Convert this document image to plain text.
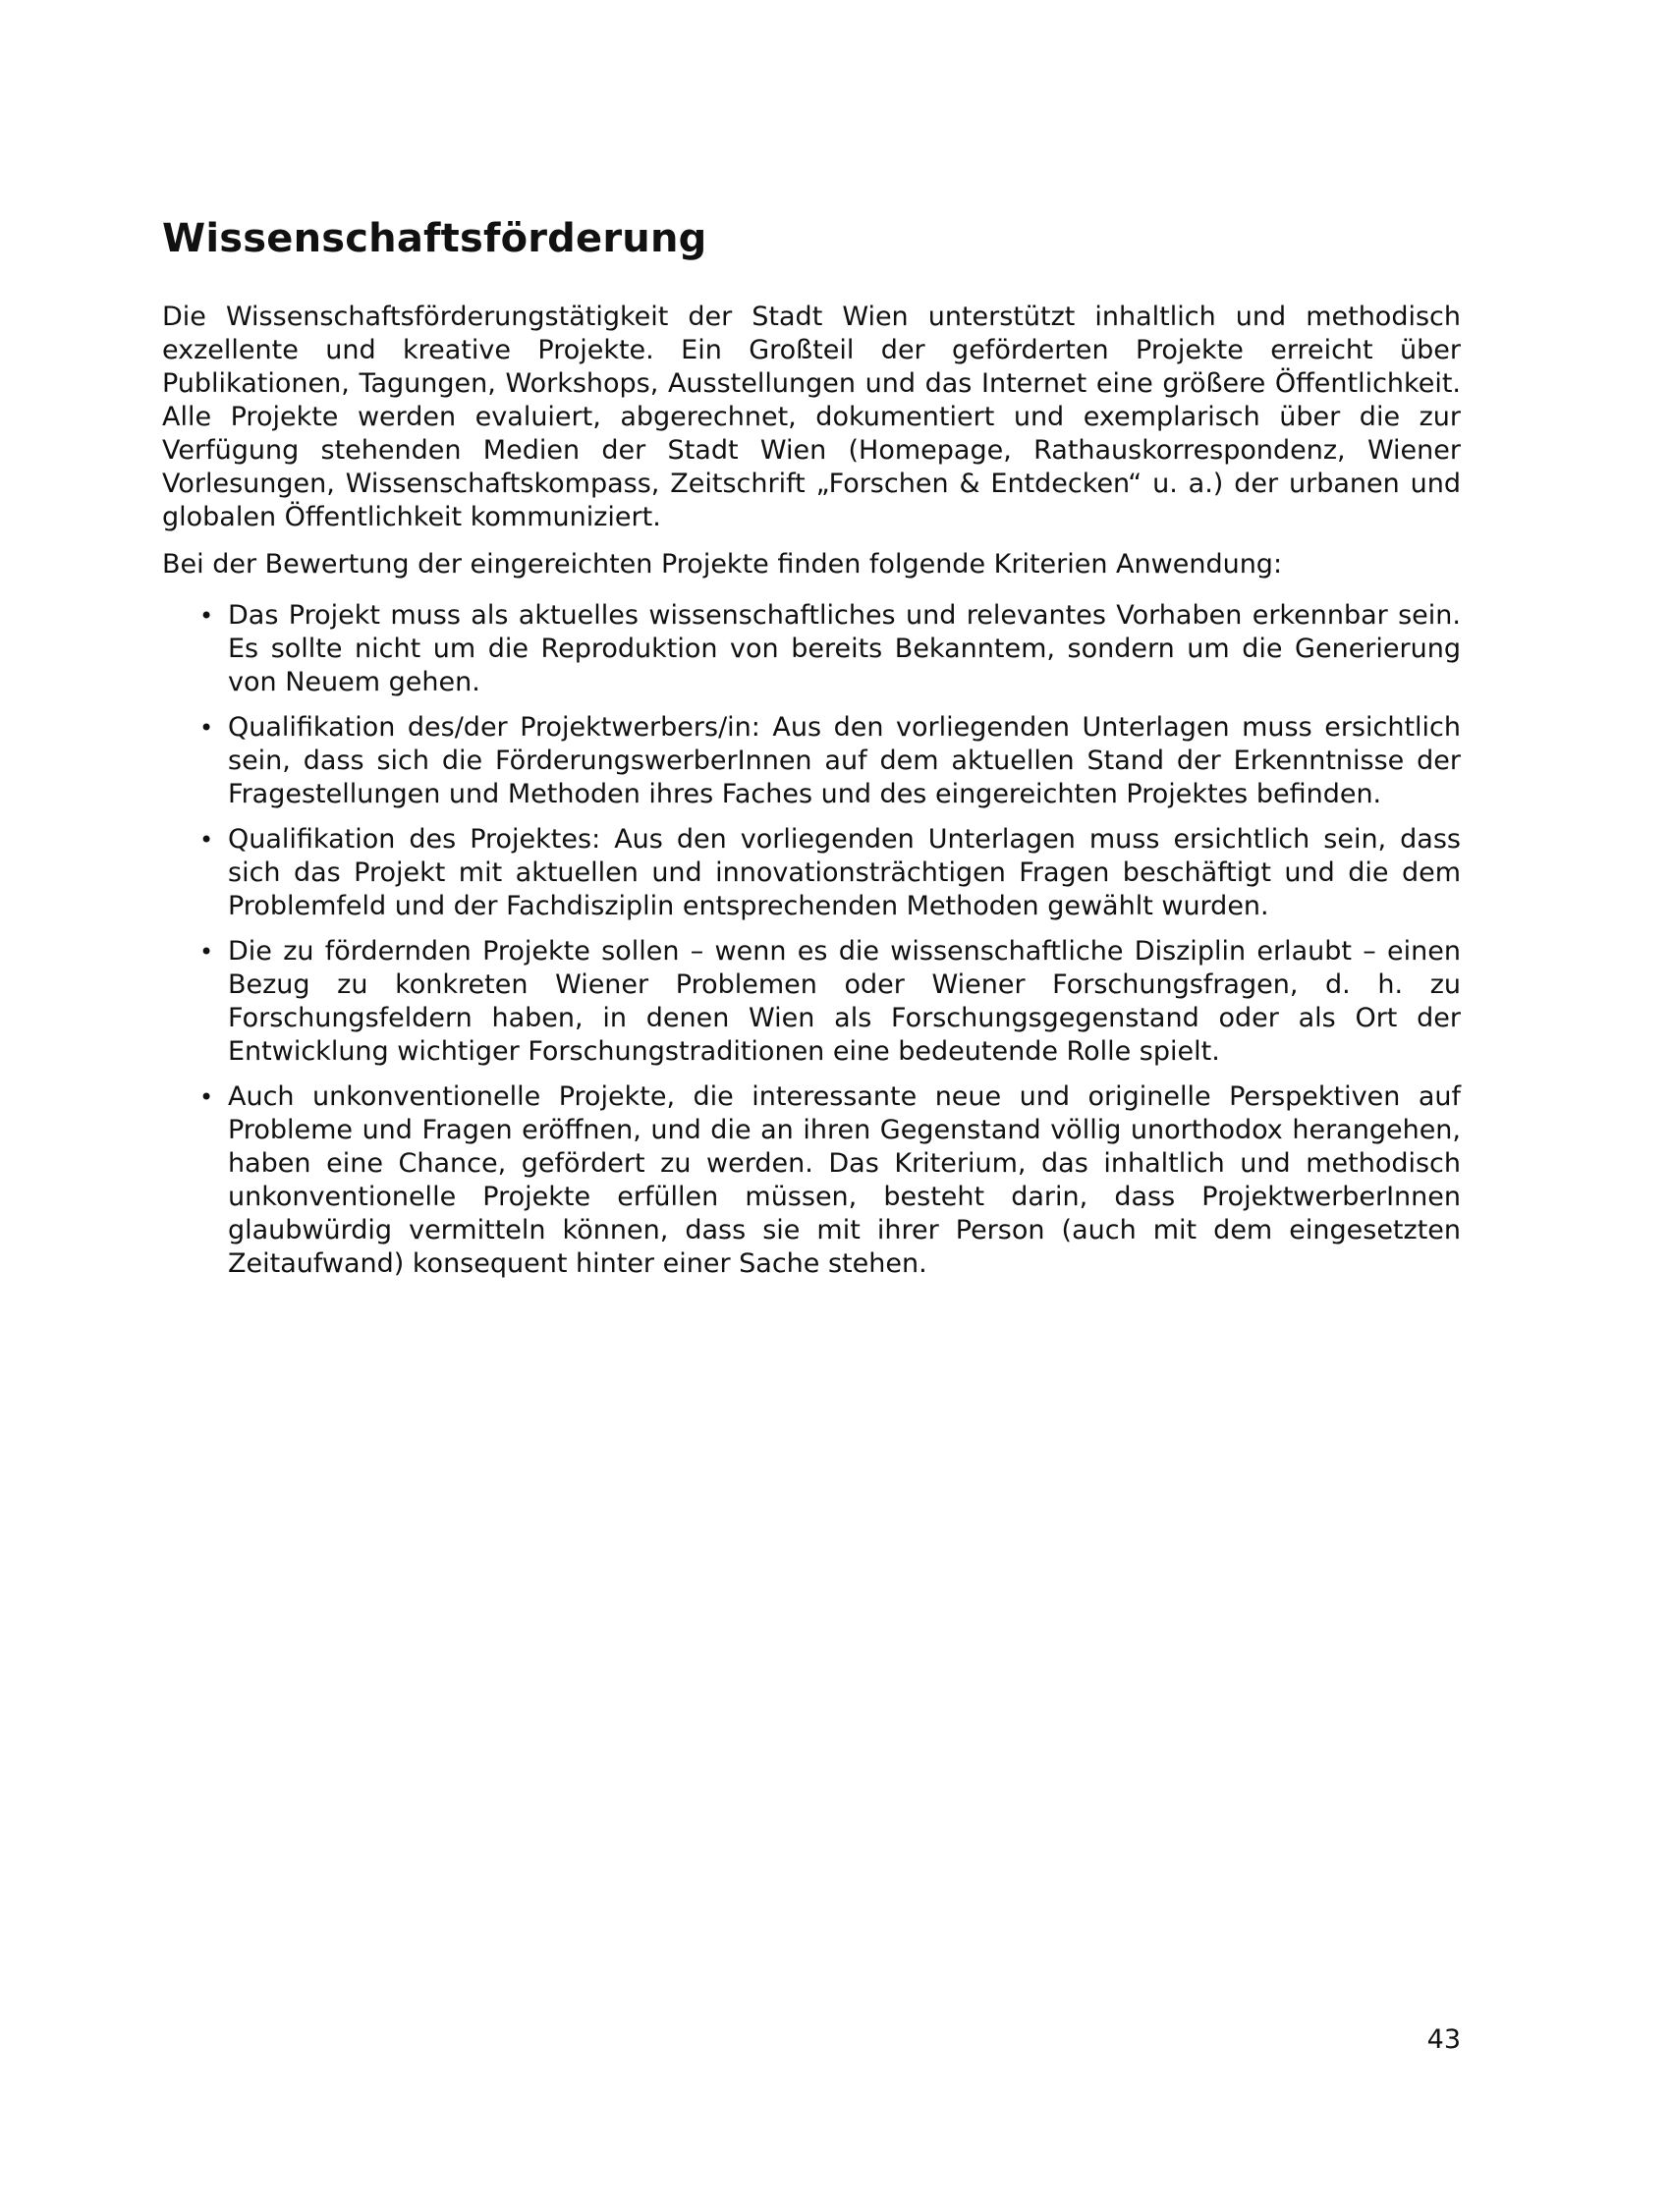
Wissenschaftsförderung

Die Wissenschaftsförderungstätigkeit der Stadt Wien unterstützt inhaltlich und methodisch exzellente und kreative Projekte. Ein Großteil der geförderten Projekte erreicht über Publikationen, Tagungen, Workshops, Ausstellungen und das Internet eine größere Öffentlichkeit. Alle Projekte werden evaluiert, abgerechnet, dokumentiert und exemplarisch über die zur Verfügung stehenden Medien der Stadt Wien (Homepage, Rathauskorrespondenz, Wiener Vorlesungen, Wissenschaftskompass, Zeitschrift „Forschen & Entdecken“ u. a.) der urbanen und globalen Öffentlichkeit kommuniziert.

Bei der Bewertung der eingereichten Projekte finden folgende Kriterien Anwendung:

• Das Projekt muss als aktuelles wissenschaftliches und relevantes Vorhaben erkennbar sein. Es sollte nicht um die Reproduktion von bereits Bekanntem, sondern um die Generierung von Neuem gehen.
• Qualifikation des/der Projektwerbers/in: Aus den vorliegenden Unterlagen muss ersichtlich sein, dass sich die FörderungswerberInnen auf dem aktuellen Stand der Erkenntnisse der Fragestellungen und Methoden ihres Faches und des eingereichten Projektes befinden.
• Qualifikation des Projektes: Aus den vorliegenden Unterlagen muss ersichtlich sein, dass sich das Projekt mit aktuellen und innovationsträchtigen Fragen beschäftigt und die dem Problemfeld und der Fachdisziplin entsprechenden Methoden gewählt wurden.
• Die zu fördernden Projekte sollen – wenn es die wissenschaftliche Disziplin erlaubt – einen Bezug zu konkreten Wiener Problemen oder Wiener Forschungsfragen, d. h. zu Forschungsfeldern haben, in denen Wien als Forschungsgegenstand oder als Ort der Entwicklung wichtiger Forschungstraditionen eine bedeutende Rolle spielt.
• Auch unkonventionelle Projekte, die interessante neue und originelle Perspektiven auf Probleme und Fragen eröffnen, und die an ihren Gegenstand völlig unorthodox herangehen, haben eine Chance, gefördert zu werden. Das Kriterium, das inhaltlich und methodisch unkonventionelle Projekte erfüllen müssen, besteht darin, dass ProjektwerberInnen glaubwürdig vermitteln können, dass sie mit ihrer Person (auch mit dem eingesetzten Zeitaufwand) konsequent hinter einer Sache stehen.
43
